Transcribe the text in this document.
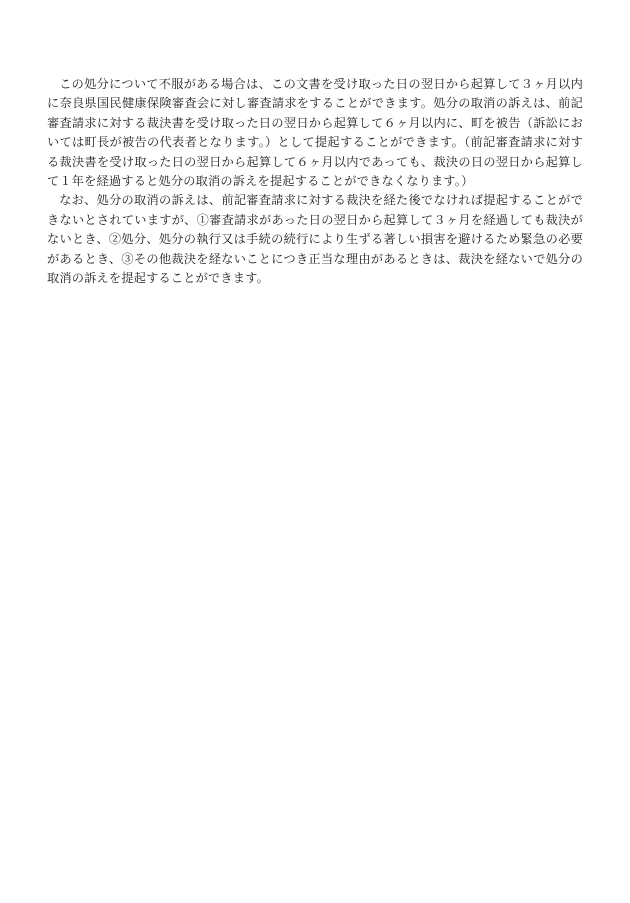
この処分について不服がある場合は、この文書を受け取った日の翌日から起算して３ヶ月以内に奈良県国民健康保険審査会に対し審査請求をすることができます。処分の取消の訴えは、前記審査請求に対する裁決書を受け取った日の翌日から起算して６ヶ月以内に、町を被告（訴訟においては町長が被告の代表者となります。）として提起することができます。（前記審査請求に対する裁決書を受け取った日の翌日から起算して６ヶ月以内であっても、裁決の日の翌日から起算して１年を経過すると処分の取消の訴えを提起することができなくなります。）

なお、処分の取消の訴えは、前記審査請求に対する裁決を経た後でなければ提起することができないとされていますが、①審査請求があった日の翌日から起算して３ヶ月を経過しても裁決がないとき、②処分、処分の執行又は手続の続行により生ずる著しい損害を避けるため緊急の必要があるとき、③その他裁決を経ないことにつき正当な理由があるときは、裁決を経ないで処分の取消の訴えを提起することができます。
